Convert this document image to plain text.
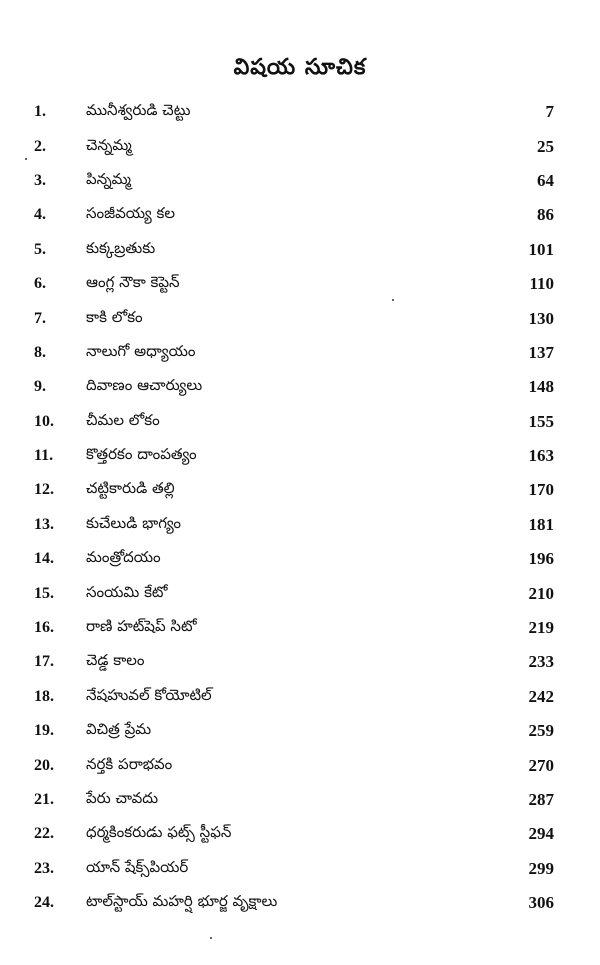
విషయ సూచిక
1.	మునీశ్వరుడి చెట్టు	7
2.	చెన్నమ్మ	25
3.	పిన్నమ్మ	64
4.	సంజీవయ్య కల	86
5.	కుక్కబ్రతుకు	101
6.	ఆంగ్ల నౌకా కెప్టెన్	110
7.	కాకి లోకం	130
8.	నాలుగో అధ్యాయం	137
9.	దివాణం ఆచార్యులు	148
10.	చీమల లోకం	155
11.	కొత్తరకం దాంపత్యం	163
12.	చట్టికారుడి తల్లి	170
13.	కుచేలుడి భాగ్యం	181
14.	మంత్రోదయం	196
15.	సంయమి కేటో	210
16.	రాణి హట్‌షెప్ సిటో	219
17.	చెడ్డ కాలం	233
18.	నేషహువల్ కోయోటిల్	242
19.	విచిత్ర ప్రేమ	259
20.	నర్తకి పరాభవం	270
21.	పేరు చావదు	287
22.	ధర్మకింకరుడు ఫట్స్ స్టీఫన్	294
23.	యాన్ షేక్స్‌పియర్	299
24.	టాల్‌స్టాయ్ మహర్షి భూర్జ వృక్షాలు	306
